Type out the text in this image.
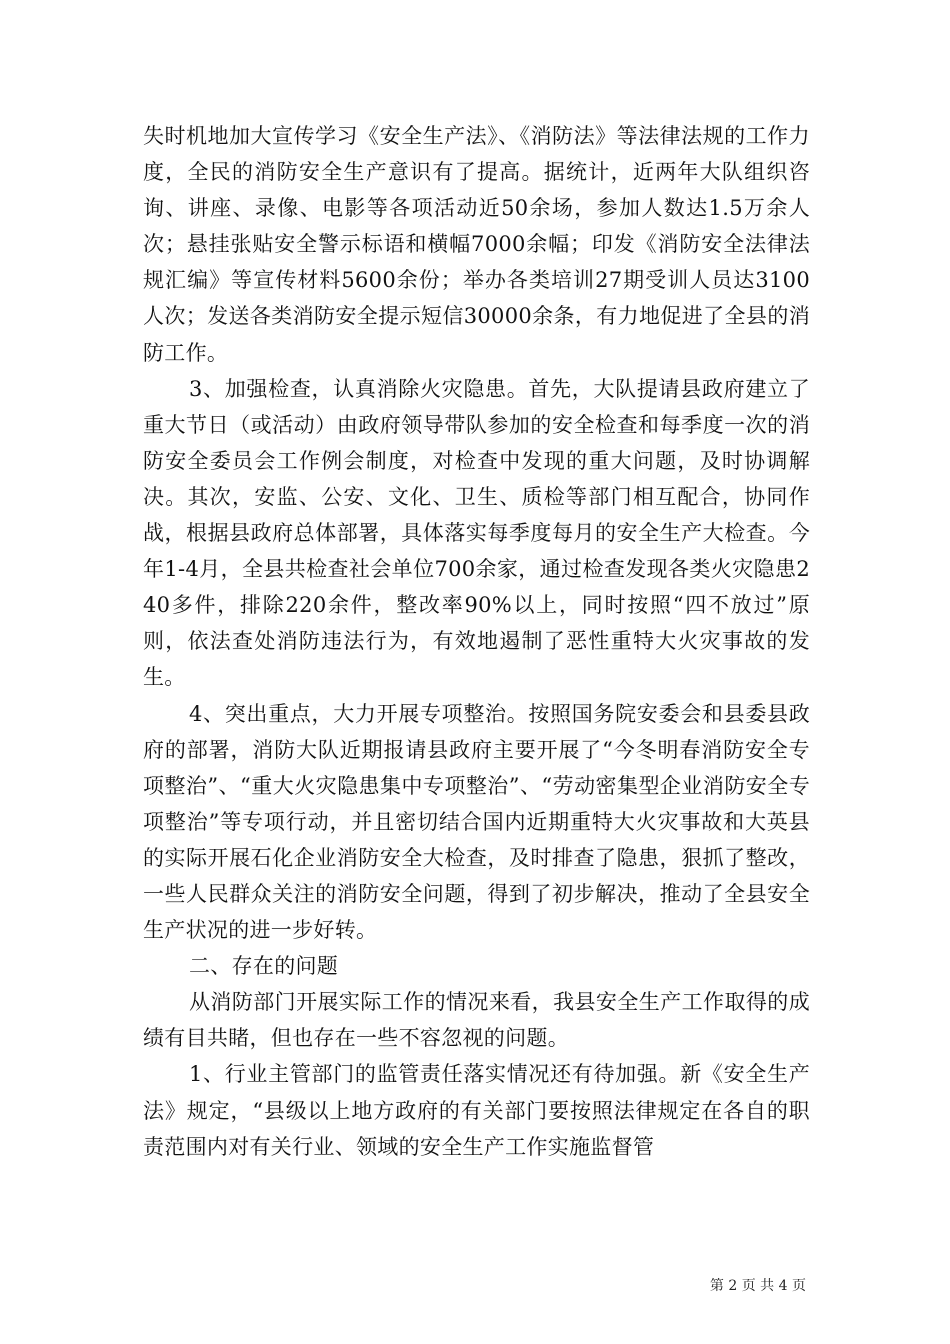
失时机地加大宣传学习《安全生产法》、《消防法》等法律法规的工作力度，全民的消防安全生产意识有了提高。据统计，近两年大队组织咨询、讲座、录像、电影等各项活动近50余场，参加人数达1.5万余人次；悬挂张贴安全警示标语和横幅7000余幅；印发《消防安全法律法规汇编》等宣传材料5600余份；举办各类培训27期受训人员达3100人次；发送各类消防安全提示短信30000余条，有力地促进了全县的消防工作。

3、加强检查，认真消除火灾隐患。首先，大队提请县政府建立了重大节日（或活动）由政府领导带队参加的安全检查和每季度一次的消防安全委员会工作例会制度，对检查中发现的重大问题，及时协调解决。其次，安监、公安、文化、卫生、质检等部门相互配合，协同作战，根据县政府总体部署，具体落实每季度每月的安全生产大检查。今年1-4月，全县共检查社会单位700余家，通过检查发现各类火灾隐患240多件，排除220余件，整改率90%以上，同时按照“四不放过”原则，依法查处消防违法行为，有效地遏制了恶性重特大火灾事故的发生。

4、突出重点，大力开展专项整治。按照国务院安委会和县委县政府的部署，消防大队近期报请县政府主要开展了“今冬明春消防安全专项整治”、“重大火灾隐患集中专项整治”、“劳动密集型企业消防安全专项整治”等专项行动，并且密切结合国内近期重特大火灾事故和大英县的实际开展石化企业消防安全大检查，及时排查了隐患，狠抓了整改，一些人民群众关注的消防安全问题，得到了初步解决，推动了全县安全生产状况的进一步好转。

二、存在的问题

从消防部门开展实际工作的情况来看，我县安全生产工作取得的成绩有目共睹，但也存在一些不容忽视的问题。

1、行业主管部门的监管责任落实情况还有待加强。新《安全生产法》规定，“县级以上地方政府的有关部门要按照法律规定在各自的职责范围内对有关行业、领域的安全生产工作实施监督管

第 2 页 共 4 页
